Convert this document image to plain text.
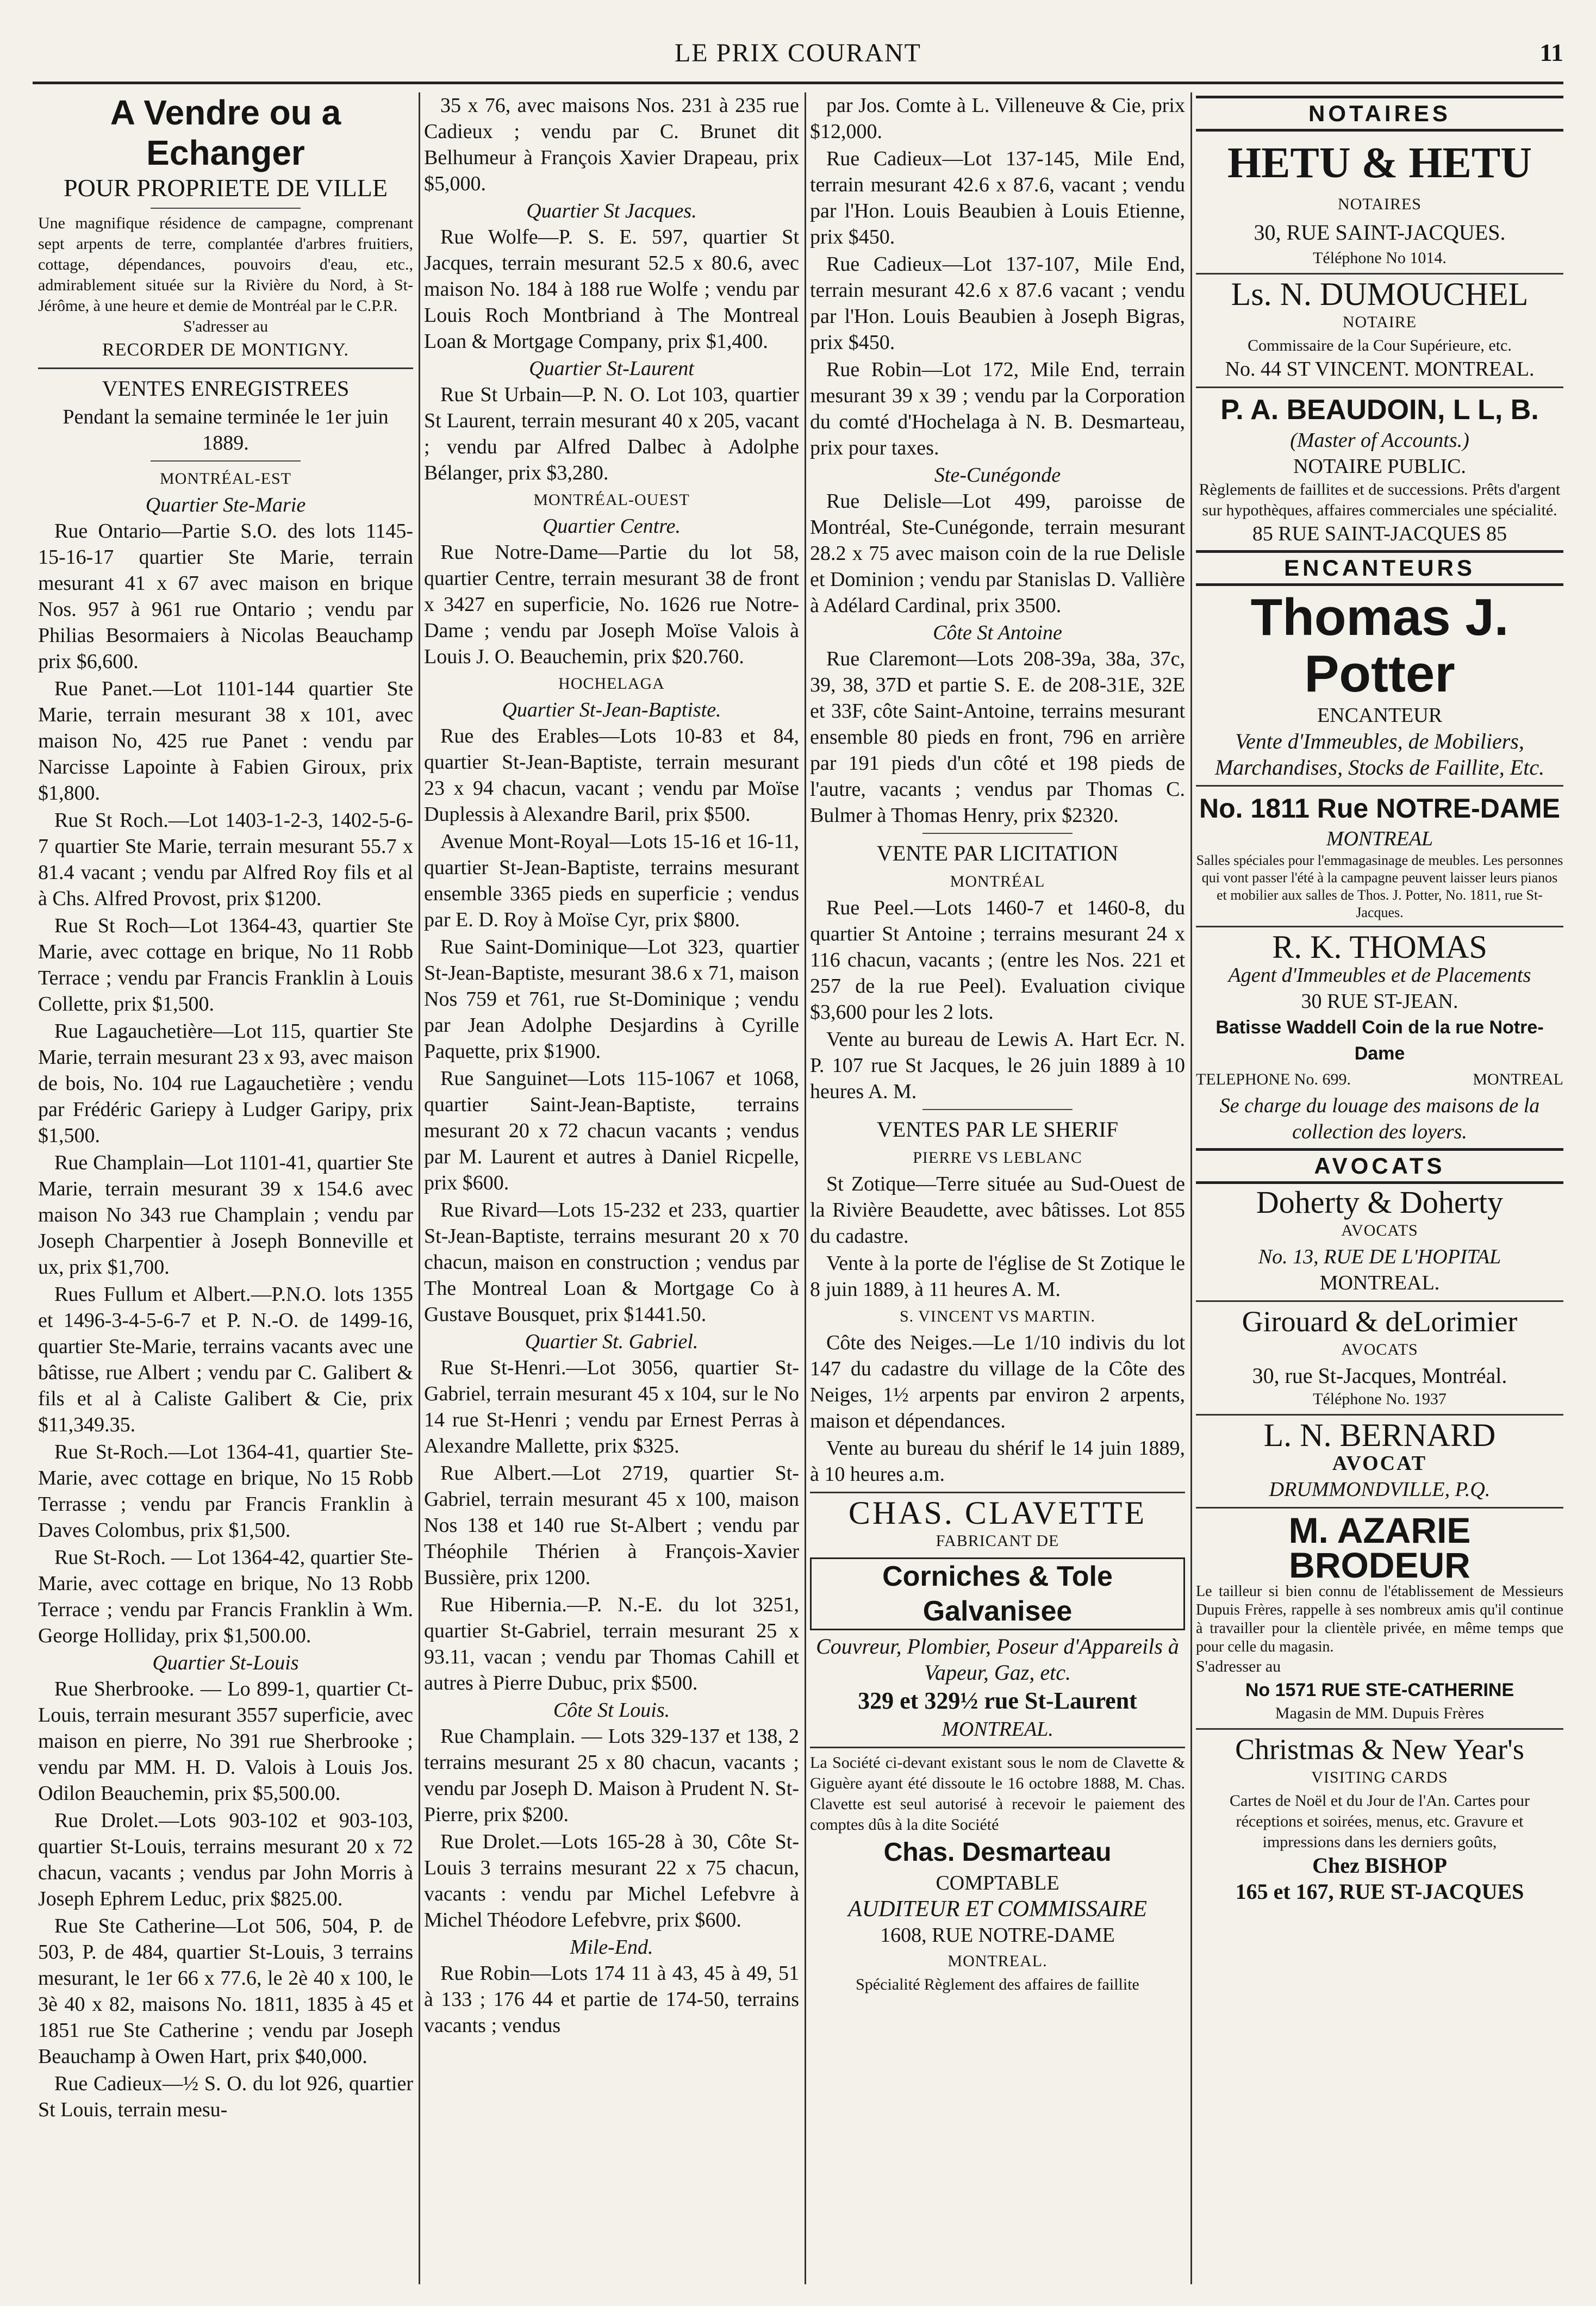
LE PRIX COURANT	11
A Vendre ou a Echanger
POUR PROPRIETE DE VILLE
Une magnifique résidence de campagne, comprenant sept arpents de terre, complantée d'arbres fruitiers, cottage, dépendances, pouvoirs d'eau, etc., admirablement située sur la Rivière du Nord, à St-Jérôme, à une heure et demie de Montréal par le C.P.R.
S'adresser au
RECORDER DE MONTIGNY.
VENTES ENREGISTREES
Pendant la semaine terminée le 1er juin 1889.
MONTRÉAL-EST
Quartier Ste-Marie
Rue Ontario—Partie S.O. des lots 1145-15-16-17 quartier Ste Marie, terrain mesurant 41 x 67 avec maison en brique Nos. 957 à 961 rue Ontario ; vendu par Philias Besormaiers à Nicolas Beauchamp prix $6,600.
Rue Panet.—Lot 1101-144 quartier Ste Marie, terrain mesurant 38 x 101, avec maison No, 425 rue Panet : vendu par Narcisse Lapointe à Fabien Giroux, prix $1,800.
Rue St Roch.—Lot 1403-1-2-3, 1402-5-6-7 quartier Ste Marie, terrain mesurant 55.7 x 81.4 vacant ; vendu par Alfred Roy fils et al à Chs. Alfred Provost, prix $1200.
Rue St Roch—Lot 1364-43, quartier Ste Marie, avec cottage en brique, No 11 Robb Terrace ; vendu par Francis Franklin à Louis Collette, prix $1,500.
Rue Lagauchetière—Lot 115, quartier Ste Marie, terrain mesurant 23 x 93, avec maison de bois, No. 104 rue Lagauchetière ; vendu par Frédéric Gariepy à Ludger Garipy, prix $1,500.
Rue Champlain—Lot 1101-41, quartier Ste Marie, terrain mesurant 39 x 154.6 avec maison No 343 rue Champlain ; vendu par Joseph Charpentier à Joseph Bonneville et ux, prix $1,700.
Rues Fullum et Albert.—P.N.O. lots 1355 et 1496-3-4-5-6-7 et P. N.-O. de 1499-16, quartier Ste-Marie, terrains vacants avec une bâtisse, rue Albert ; vendu par C. Galibert & fils et al à Caliste Galibert & Cie, prix $11,349.35.
Rue St-Roch.—Lot 1364-41, quartier Ste-Marie, avec cottage en brique, No 15 Robb Terrasse ; vendu par Francis Franklin à Daves Colombus, prix $1,500.
Rue St-Roch. — Lot 1364-42, quartier Ste-Marie, avec cottage en brique, No 13 Robb Terrace ; vendu par Francis Franklin à Wm. George Holliday, prix $1,500.00.
Quartier St-Louis
Rue Sherbrooke. — Lo 899-1, quartier Ct-Louis, terrain mesurant 3557 superficie, avec maison en pierre, No 391 rue Sherbrooke ; vendu par MM. H. D. Valois à Louis Jos. Odilon Beauchemin, prix $5,500.00.
Rue Drolet.—Lots 903-102 et 903-103, quartier St-Louis, terrains mesurant 20 x 72 chacun, vacants ; vendus par John Morris à Joseph Ephrem Leduc, prix $825.00.
Rue Ste Catherine—Lot 506, 504, P. de 503, P. de 484, quartier St-Louis, 3 terrains mesurant, le 1er 66 x 77.6, le 2è 40 x 100, le 3è 40 x 82, maisons No. 1811, 1835 à 45 et 1851 rue Ste Catherine ; vendu par Joseph Beauchamp à Owen Hart, prix $40,000.
Rue Cadieux—½ S. O. du lot 926, quartier St Louis, terrain mesu-
35 x 76, avec maisons Nos. 231 à 235 rue Cadieux ; vendu par C. Brunet dit Belhumeur à François Xavier Drapeau, prix $5,000.
Quartier St Jacques.
Rue Wolfe—P. S. E. 597, quartier St Jacques, terrain mesurant 52.5 x 80.6, avec maison No. 184 à 188 rue Wolfe ; vendu par Louis Roch Montbriand à The Montreal Loan & Mortgage Company, prix $1,400.
Quartier St-Laurent
Rue St Urbain—P. N. O. Lot 103, quartier St Laurent, terrain mesurant 40 x 205, vacant ; vendu par Alfred Dalbec à Adolphe Bélanger, prix $3,280.
MONTRÉAL-OUEST
Quartier Centre.
Rue Notre-Dame—Partie du lot 58, quartier Centre, terrain mesurant 38 de front x 3427 en superficie, No. 1626 rue Notre-Dame ; vendu par Joseph Moïse Valois à Louis J. O. Beauchemin, prix $20.760.
HOCHELAGA
Quartier St-Jean-Baptiste.
Rue des Erables—Lots 10-83 et 84, quartier St-Jean-Baptiste, terrain mesurant 23 x 94 chacun, vacant ; vendu par Moïse Duplessis à Alexandre Baril, prix $500.
Avenue Mont-Royal—Lots 15-16 et 16-11, quartier St-Jean-Baptiste, terrains mesurant ensemble 3365 pieds en superficie ; vendus par E. D. Roy à Moïse Cyr, prix $800.
Rue Saint-Dominique—Lot 323, quartier St-Jean-Baptiste, mesurant 38.6 x 71, maison Nos 759 et 761, rue St-Dominique ; vendu par Jean Adolphe Desjardins à Cyrille Paquette, prix $1900.
Rue Sanguinet—Lots 115-1067 et 1068, quartier Saint-Jean-Baptiste, terrains mesurant 20 x 72 chacun vacants ; vendus par M. Laurent et autres à Daniel Ricpelle, prix $600.
Rue Rivard—Lots 15-232 et 233, quartier St-Jean-Baptiste, terrains mesurant 20 x 70 chacun, maison en construction ; vendus par The Montreal Loan & Mortgage Co à Gustave Bousquet, prix $1441.50.
Quartier St. Gabriel.
Rue St-Henri.—Lot 3056, quartier St-Gabriel, terrain mesurant 45 x 104, sur le No 14 rue St-Henri ; vendu par Ernest Perras à Alexandre Mallette, prix $325.
Rue Albert.—Lot 2719, quartier St-Gabriel, terrain mesurant 45 x 100, maison Nos 138 et 140 rue St-Albert ; vendu par Théophile Thérien à François-Xavier Bussière, prix 1200.
Rue Hibernia.—P. N.-E. du lot 3251, quartier St-Gabriel, terrain mesurant 25 x 93.11, vacan ; vendu par Thomas Cahill et autres à Pierre Dubuc, prix $500.
Côte St Louis.
Rue Champlain. — Lots 329-137 et 138, 2 terrains mesurant 25 x 80 chacun, vacants ; vendu par Joseph D. Maison à Prudent N. St-Pierre, prix $200.
Rue Drolet.—Lots 165-28 à 30, Côte St-Louis 3 terrains mesurant 22 x 75 chacun, vacants : vendu par Michel Lefebvre à Michel Théodore Lefebvre, prix $600.
Mile-End.
Rue Robin—Lots 174 11 à 43, 45 à 49, 51 à 133 ; 176 44 et partie de 174-50, terrains vacants ; vendus
par Jos. Comte à L. Villeneuve & Cie, prix $12,000.
Rue Cadieux—Lot 137-145, Mile End, terrain mesurant 42.6 x 87.6, vacant ; vendu par l'Hon. Louis Beaubien à Louis Etienne, prix $450.
Rue Cadieux—Lot 137-107, Mile End, terrain mesurant 42.6 x 87.6 vacant ; vendu par l'Hon. Louis Beaubien à Joseph Bigras, prix $450.
Rue Robin—Lot 172, Mile End, terrain mesurant 39 x 39 ; vendu par la Corporation du comté d'Hochelaga à N. B. Desmarteau, prix pour taxes.
Ste-Cunégonde
Rue Delisle—Lot 499, paroisse de Montréal, Ste-Cunégonde, terrain mesurant 28.2 x 75 avec maison coin de la rue Delisle et Dominion ; vendu par Stanislas D. Vallière à Adélard Cardinal, prix 3500.
Côte St Antoine
Rue Claremont—Lots 208-39a, 38a, 37c, 39, 38, 37D et partie S. E. de 208-31E, 32E et 33F, côte Saint-Antoine, terrains mesurant ensemble 80 pieds en front, 796 en arrière par 191 pieds d'un côté et 198 pieds de l'autre, vacants ; vendus par Thomas C. Bulmer à Thomas Henry, prix $2320.
VENTE PAR LICITATION
MONTRÉAL
Rue Peel.—Lots 1460-7 et 1460-8, du quartier St Antoine ; terrains mesurant 24 x 116 chacun, vacants ; (entre les Nos. 221 et 257 de la rue Peel). Evaluation civique $3,600 pour les 2 lots.
Vente au bureau de Lewis A. Hart Ecr. N. P. 107 rue St Jacques, le 26 juin 1889 à 10 heures A. M.
VENTES PAR LE SHERIF
PIERRE VS LEBLANC
St Zotique—Terre située au Sud-Ouest de la Rivière Beaudette, avec bâtisses. Lot 855 du cadastre.
Vente à la porte de l'église de St Zotique le 8 juin 1889, à 11 heures A. M.
S. VINCENT VS MARTIN.
Côte des Neiges.—Le 1/10 indivis du lot 147 du cadastre du village de la Côte des Neiges, 1½ arpents par environ 2 arpents, maison et dépendances.
Vente au bureau du shérif le 14 juin 1889, à 10 heures a.m.
CHAS. CLAVETTE
FABRICANT DE
Corniches & Tole Galvanisee
Couvreur, Plombier, Poseur d'Appareils à Vapeur, Gaz, etc.
329 et 329½ rue St-Laurent
MONTREAL.
La Société ci-devant existant sous le nom de Clavette & Giguère ayant été dissoute le 16 octobre 1888, M. Chas. Clavette est seul autorisé à recevoir le paiement des comptes dûs à la dite Société
Chas. Desmarteau
COMPTABLE
AUDITEUR ET COMMISSAIRE
1608, RUE NOTRE-DAME
MONTREAL.
Spécialité Règlement des affaires de faillite
NOTAIRES
HETU & HETU
NOTAIRES
30, RUE SAINT-JACQUES.
Téléphone No 1014.
Ls. N. DUMOUCHEL
NOTAIRE
Commissaire de la Cour Supérieure, etc.
No. 44 ST VINCENT. MONTREAL.
P. A. BEAUDOIN, L L, B.
(Master of Accounts.)
NOTAIRE PUBLIC.
Règlements de faillites et de successions. Prêts d'argent sur hypothèques, affaires commerciales une spécialité.
85 RUE SAINT-JACQUES 85
ENCANTEURS
Thomas J. Potter
ENCANTEUR
Vente d'Immeubles, de Mobiliers, Marchandises, Stocks de Faillite, Etc.
No. 1811 Rue NOTRE-DAME
MONTREAL
Salles spéciales pour l'emmagasinage de meubles. Les personnes qui vont passer l'été à la campagne peuvent laisser leurs pianos et mobilier aux salles de Thos. J. Potter, No. 1811, rue St-Jacques.
R. K. THOMAS
Agent d'Immeubles et de Placements
30 RUE ST-JEAN.
Batisse Waddell Coin de la rue Notre-Dame
TELEPHONE No. 699.	MONTREAL
Se charge du louage des maisons de la collection des loyers.
AVOCATS
Doherty & Doherty
AVOCATS
No. 13, RUE DE L'HOPITAL
MONTREAL.
Girouard & deLorimier
AVOCATS
30, rue St-Jacques, Montréal.
Téléphone No. 1937
L. N. BERNARD
AVOCAT
DRUMMONDVILLE, P.Q.
M. AZARIE BRODEUR
Le tailleur si bien connu de l'établissement de Messieurs Dupuis Frères, rappelle à ses nombreux amis qu'il continue à travailler pour la clientèle privée, en même temps que pour celle du magasin.
S'adresser au
No 1571 RUE STE-CATHERINE
Magasin de MM. Dupuis Frères
Christmas & New Year's
VISITING CARDS
Cartes de Noël et du Jour de l'An. Cartes pour réceptions et soirées, menus, etc. Gravure et impressions dans les derniers goûts,
Chez BISHOP
165 et 167, RUE ST-JACQUES
